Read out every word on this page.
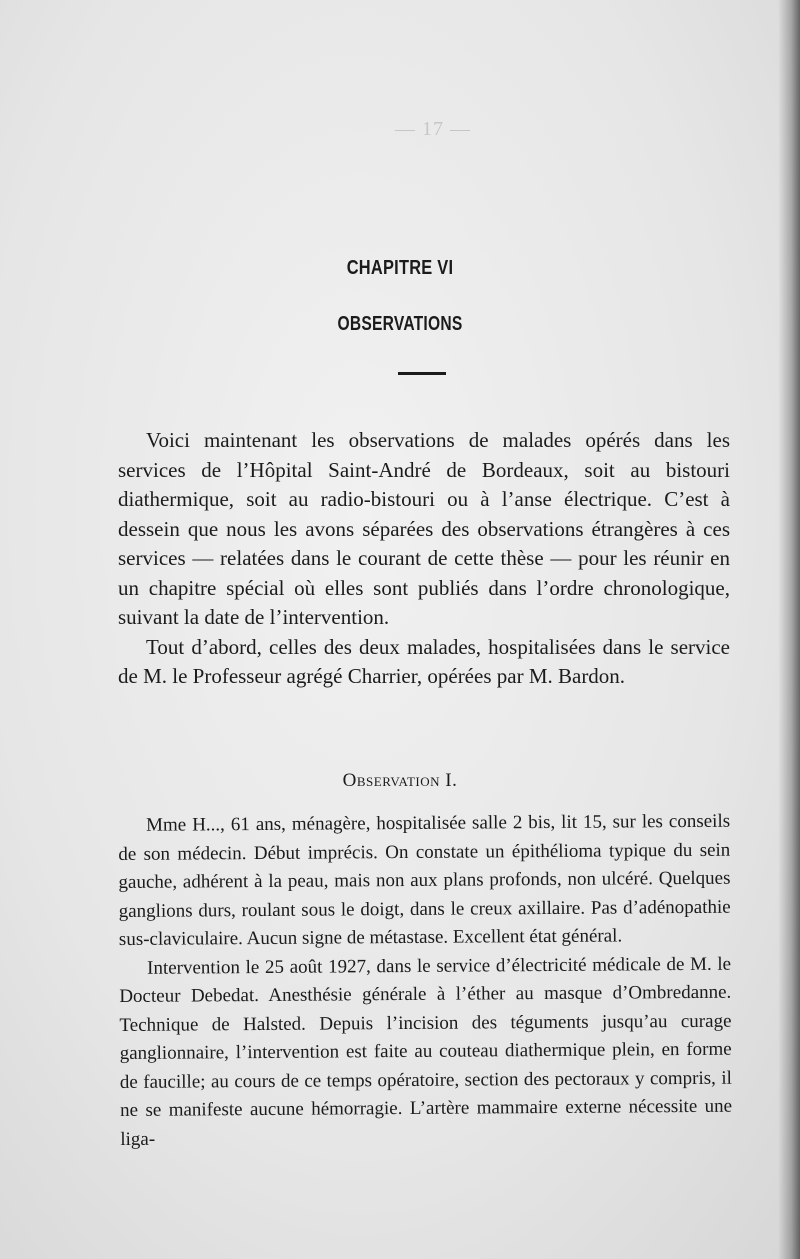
— 17 —
CHAPITRE VI
OBSERVATIONS

Voici maintenant les observations de malades opérés dans les services de l’Hôpital Saint-André de Bordeaux, soit au bistouri diathermique, soit au radio-bistouri ou à l’anse électrique. C’est à dessein que nous les avons séparées des observations étrangères à ces services — relatées dans le courant de cette thèse — pour les réunir en un chapitre spécial où elles sont publiés dans l’ordre chronologique, suivant la date de l’intervention.

Tout d’abord, celles des deux malades, hospitalisées dans le service de M. le Professeur agrégé Charrier, opérées par M. Bardon.

Observation I.

Mme H..., 61 ans, ménagère, hospitalisée salle 2 bis, lit 15, sur les conseils de son médecin. Début imprécis. On constate un épithélioma typique du sein gauche, adhérent à la peau, mais non aux plans profonds, non ulcéré. Quelques ganglions durs, roulant sous le doigt, dans le creux axillaire. Pas d’adénopathie sus-claviculaire. Aucun signe de métastase. Excellent état général.

Intervention le 25 août 1927, dans le service d’électricité médicale de M. le Docteur Debedat. Anesthésie générale à l’éther au masque d’Ombredanne. Technique de Halsted. Depuis l’incision des téguments jusqu’au curage ganglionnaire, l’intervention est faite au couteau diathermique plein, en forme de faucille; au cours de ce temps opératoire, section des pectoraux y compris, il ne se manifeste aucune hémorragie. L’artère mammaire externe nécessite une liga-
